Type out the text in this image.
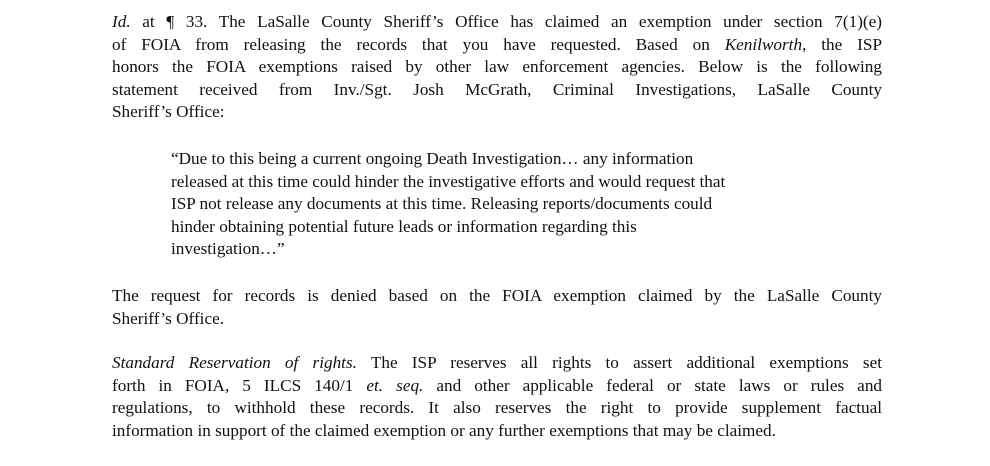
Id. at ¶ 33. The LaSalle County Sheriff’s Office has claimed an exemption under section 7(1)(e)
of FOIA from releasing the records that you have requested. Based on Kenilworth, the ISP
honors the FOIA exemptions raised by other law enforcement agencies. Below is the following
statement received from Inv./Sgt. Josh McGrath, Criminal Investigations, LaSalle County
Sheriff’s Office:
“Due to this being a current ongoing Death Investigation… any information
released at this time could hinder the investigative efforts and would request that
ISP not release any documents at this time. Releasing reports/documents could
hinder obtaining potential future leads or information regarding this
investigation…”
The request for records is denied based on the FOIA exemption claimed by the LaSalle County
Sheriff’s Office.
Standard Reservation of rights. The ISP reserves all rights to assert additional exemptions set
forth in FOIA, 5 ILCS 140/1 et. seq. and other applicable federal or state laws or rules and
regulations, to withhold these records. It also reserves the right to provide supplement factual
information in support of the claimed exemption or any further exemptions that may be claimed.
